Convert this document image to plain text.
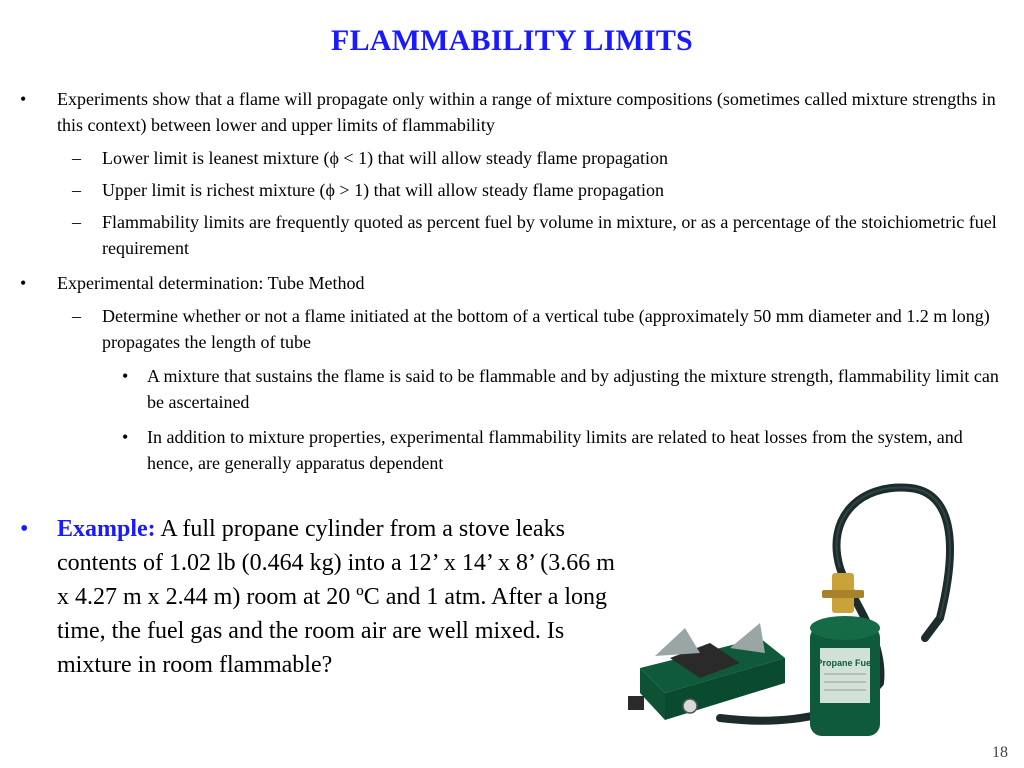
FLAMMABILITY LIMITS
• Experiments show that a flame will propagate only within a range of mixture compositions (sometimes called mixture strengths in this context) between lower and upper limits of flammability
– Lower limit is leanest mixture (ϕ < 1) that will allow steady flame propagation
– Upper limit is richest mixture (ϕ > 1) that will allow steady flame propagation
– Flammability limits are frequently quoted as percent fuel by volume in mixture, or as a percentage of the stoichiometric fuel requirement
• Experimental determination: Tube Method
– Determine whether or not a flame initiated at the bottom of a vertical tube (approximately 50 mm diameter and 1.2 m long) propagates the length of tube
• A mixture that sustains the flame is said to be flammable and by adjusting the mixture strength, flammability limit can be ascertained
• In addition to mixture properties, experimental flammability limits are related to heat losses from the system, and hence, are generally apparatus dependent
• Example: A full propane cylinder from a stove leaks contents of 1.02 lb (0.464 kg) into a 12’ x 14’ x 8’ (3.66 m x 4.27 m x 2.44 m) room at 20 ºC and 1 atm. After a long time, the fuel gas and the room air are well mixed. Is mixture in room flammable?	Propane Fuel
18
